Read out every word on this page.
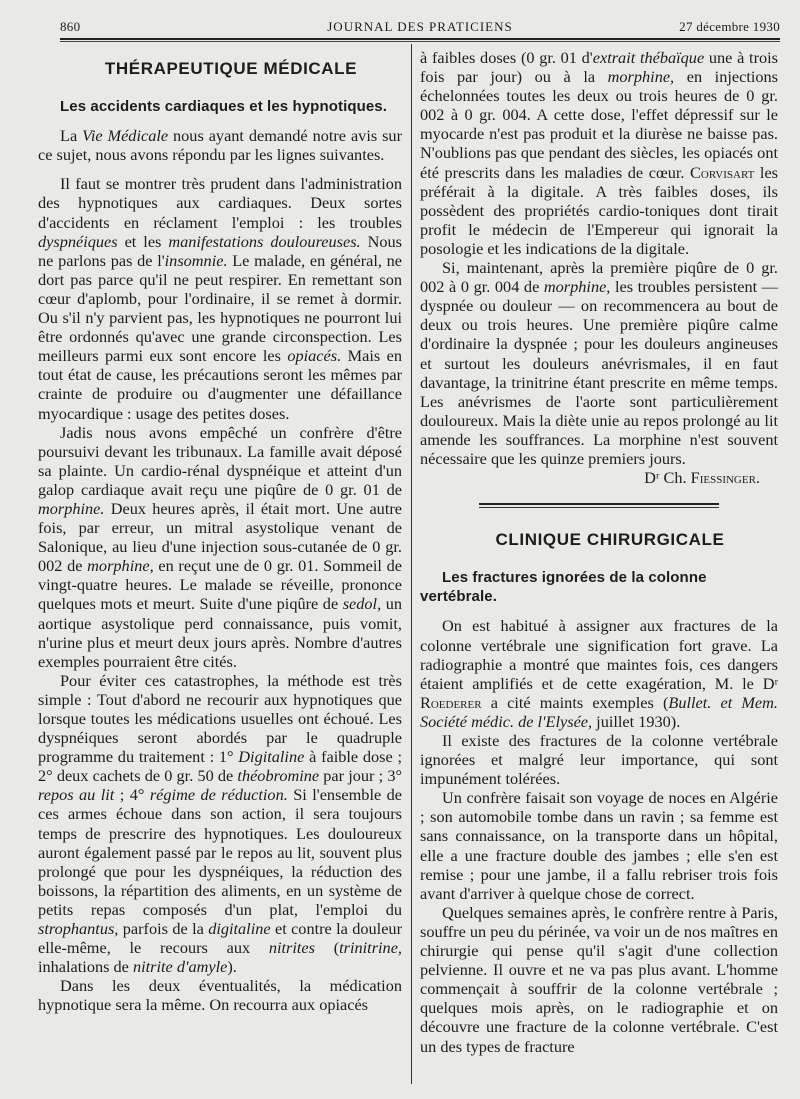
860	JOURNAL DES PRATICIENS	27 décembre 1930

THÉRAPEUTIQUE MÉDICALE

Les accidents cardiaques et les hypnotiques.

La Vie Médicale nous ayant demandé notre avis sur ce sujet, nous avons répondu par les lignes suivantes.

Il faut se montrer très prudent dans l'administration des hypnotiques aux cardiaques. Deux sortes d'accidents en réclament l'emploi : les troubles dyspnéiques et les manifestations douloureuses. Nous ne parlons pas de l'insomnie. Le malade, en général, ne dort pas parce qu'il ne peut respirer. En remettant son cœur d'aplomb, pour l'ordinaire, il se remet à dormir. Ou s'il n'y parvient pas, les hypnotiques ne pourront lui être ordonnés qu'avec une grande circonspection. Les meilleurs parmi eux sont encore les opiacés. Mais en tout état de cause, les précautions seront les mêmes par crainte de produire ou d'augmenter une défaillance myocardique : usage des petites doses.

Jadis nous avons empêché un confrère d'être poursuivi devant les tribunaux. La famille avait déposé sa plainte. Un cardio-rénal dyspnéique et atteint d'un galop cardiaque avait reçu une piqûre de 0 gr. 01 de morphine. Deux heures après, il était mort. Une autre fois, par erreur, un mitral asystolique venant de Salonique, au lieu d'une injection sous-cutanée de 0 gr. 002 de morphine, en reçut une de 0 gr. 01. Sommeil de vingt-quatre heures. Le malade se réveille, prononce quelques mots et meurt. Suite d'une piqûre de sedol, un aortique asystolique perd connaissance, puis vomit, n'urine plus et meurt deux jours après. Nombre d'autres exemples pourraient être cités.

Pour éviter ces catastrophes, la méthode est très simple : Tout d'abord ne recourir aux hypnotiques que lorsque toutes les médications usuelles ont échoué. Les dyspnéiques seront abordés par le quadruple programme du traitement : 1° Digitaline à faible dose ; 2° deux cachets de 0 gr. 50 de théobromine par jour ; 3° repos au lit ; 4° régime de réduction. Si l'ensemble de ces armes échoue dans son action, il sera toujours temps de prescrire des hypnotiques. Les douloureux auront également passé par le repos au lit, souvent plus prolongé que pour les dyspnéiques, la réduction des boissons, la répartition des aliments, en un système de petits repas composés d'un plat, l'emploi du strophantus, parfois de la digitaline et contre la douleur elle-même, le recours aux nitrites (trinitrine, inhalations de nitrite d'amyle).

Dans les deux éventualités, la médication hypnotique sera la même. On recourra aux opiacés

à faibles doses (0 gr. 01 d'extrait thébaïque une à trois fois par jour) ou à la morphine, en injections échelonnées toutes les deux ou trois heures de 0 gr. 002 à 0 gr. 004. A cette dose, l'effet dépressif sur le myocarde n'est pas produit et la diurèse ne baisse pas. N'oublions pas que pendant des siècles, les opiacés ont été prescrits dans les maladies de cœur. Corvisart les préférait à la digitale. A très faibles doses, ils possèdent des propriétés cardio-toniques dont tirait profit le médecin de l'Empereur qui ignorait la posologie et les indications de la digitale.

Si, maintenant, après la première piqûre de 0 gr. 002 à 0 gr. 004 de morphine, les troubles persistent — dyspnée ou douleur — on recommencera au bout de deux ou trois heures. Une première piqûre calme d'ordinaire la dyspnée ; pour les douleurs angineuses et surtout les douleurs anévrismales, il en faut davantage, la trinitrine étant prescrite en même temps. Les anévrismes de l'aorte sont particulièrement douloureux. Mais la diète unie au repos prolongé au lit amende les souffrances. La morphine n'est souvent nécessaire que les quinze premiers jours.

Dʳ Ch. Fiessinger.

CLINIQUE CHIRURGICALE

Les fractures ignorées de la colonne vertébrale.

On est habitué à assigner aux fractures de la colonne vertébrale une signification fort grave. La radiographie a montré que maintes fois, ces dangers étaient amplifiés et de cette exagération, M. le Dʳ Roederer a cité maints exemples (Bullet. et Mem. Société médic. de l'Elysée, juillet 1930).

Il existe des fractures de la colonne vertébrale ignorées et malgré leur importance, qui sont impunément tolérées.

Un confrère faisait son voyage de noces en Algérie ; son automobile tombe dans un ravin ; sa femme est sans connaissance, on la transporte dans un hôpital, elle a une fracture double des jambes ; elle s'en est remise ; pour une jambe, il a fallu rebriser trois fois avant d'arriver à quelque chose de correct.

Quelques semaines après, le confrère rentre à Paris, souffre un peu du périnée, va voir un de nos maîtres en chirurgie qui pense qu'il s'agit d'une collection pelvienne. Il ouvre et ne va pas plus avant. L'homme commençait à souffrir de la colonne vertébrale ; quelques mois après, on le radiographie et on découvre une fracture de la colonne vertébrale. C'est un des types de fracture
